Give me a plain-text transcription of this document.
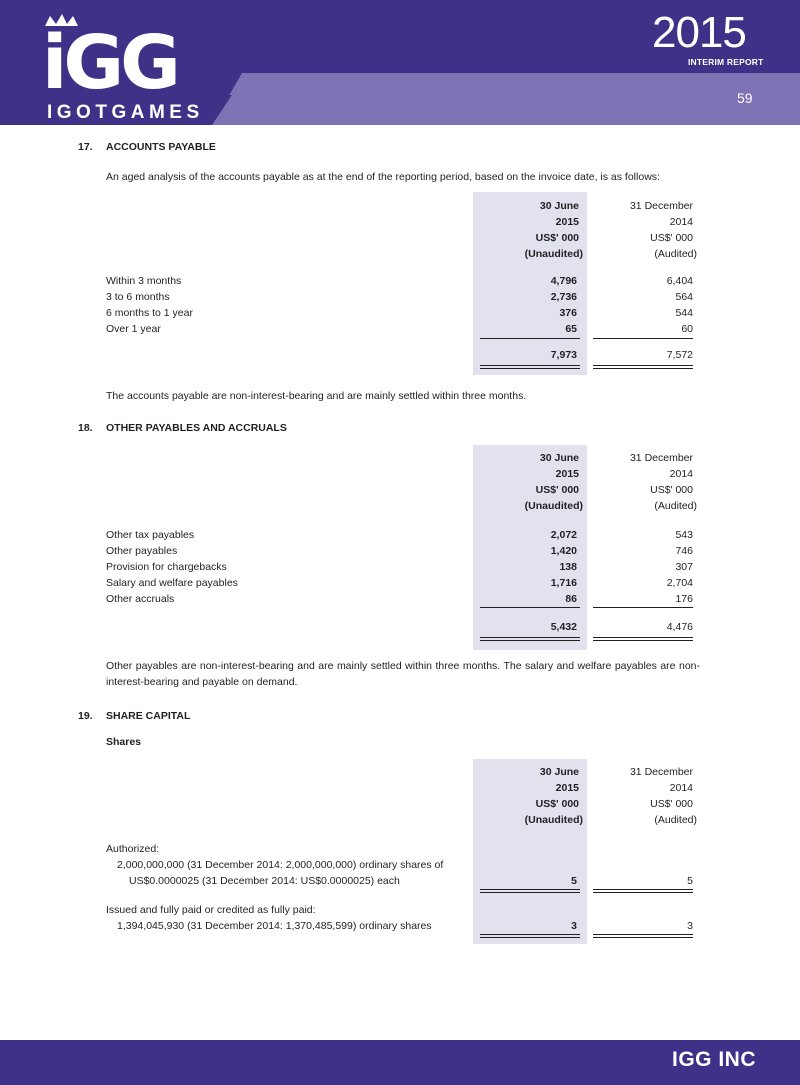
iGG
IGOTGAMES
2015
INTERIM REPORT
59
17. ACCOUNTS PAYABLE
An aged analysis of the accounts payable as at the end of the reporting period, based on the invoice date, is as follows:
30 June	31 December
2015	2014
US$' 000	US$' 000
(Unaudited)	(Audited)
Within 3 months	4,796	6,404
3 to 6 months	2,736	564
6 months to 1 year	376	544
Over 1 year	65	60
7,973	7,572
The accounts payable are non-interest-bearing and are mainly settled within three months.
18. OTHER PAYABLES AND ACCRUALS
30 June	31 December
2015	2014
US$' 000	US$' 000
(Unaudited)	(Audited)
Other tax payables	2,072	543
Other payables	1,420	746
Provision for chargebacks	138	307
Salary and welfare payables	1,716	2,704
Other accruals	86	176
5,432	4,476
Other payables are non-interest-bearing and are mainly settled within three months. The salary and welfare payables are non-interest-bearing and payable on demand.
19. SHARE CAPITAL
Shares
30 June	31 December
2015	2014
US$' 000	US$' 000
(Unaudited)	(Audited)
Authorized:
2,000,000,000 (31 December 2014: 2,000,000,000) ordinary shares of
US$0.0000025 (31 December 2014: US$0.0000025) each	5	5
Issued and fully paid or credited as fully paid:
1,394,045,930 (31 December 2014: 1,370,485,599) ordinary shares	3	3
IGG INC
